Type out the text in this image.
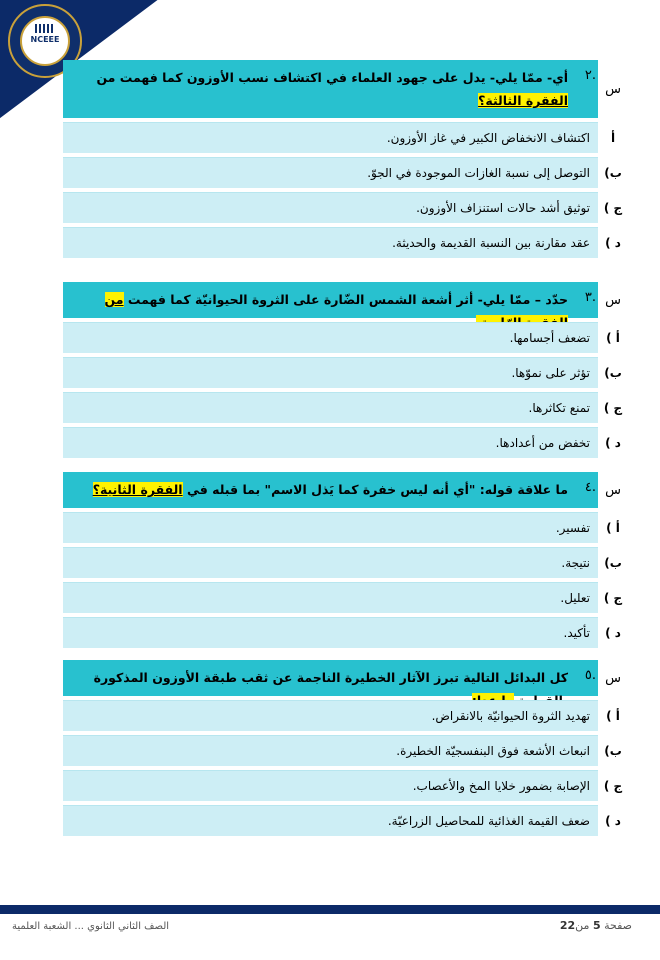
NCEEE
س
.٢
أي- ممّا يلي- يدل على جهود العلماء في اكتشاف نسب الأوزون كما فهمت من الفقرة الثالثة؟
أ
اكتشاف الانخفاض الكبير في غاز الأوزون.
ب)
التوصل إلى نسبة الغازات الموجودة في الجوّ.
ج )
توثيق أشد حالات استنزاف الأوزون.
د )
عقد مقارنة بين النسبة القديمة والحديثة.
س
.٣
حدّد – ممّا يلي- أثر أشعة الشمس الضّارة على الثروة الحيوانيّة كما فهمت من
أ )
تضعف أجسامها.
ب)
تؤثر على نموّها.
ج )
تمنع تكاثرها.
د )
تخفض من أعدادها.
س
.٤
ما علاقة قوله: "أي أنه ليس خفرة كما يَذل الاسم" بما قبله في الفقرة الثانية؟
أ )
تفسير.
ب)
نتيجة.
ج )
تعليل.
د )
تأكيد.
س
.٥
كل البدائل التالية تبرز الآثار الخطيرة الناجمة عن ثقب طبقة الأوزون المذكورة
أ )
تهديد الثروة الحيوانيّة بالانقراض.
ب)
انبعاث الأشعة فوق البنفسجيّة الخطيرة.
ج )
الإصابة بضمور خلايا المخ والأعصاب.
د )
ضعف القيمة الغذائية للمحاصيل الزراعيّة.
الصف الثاني الثانوي ... الشعبة العلمية	صفحة 5 من22
